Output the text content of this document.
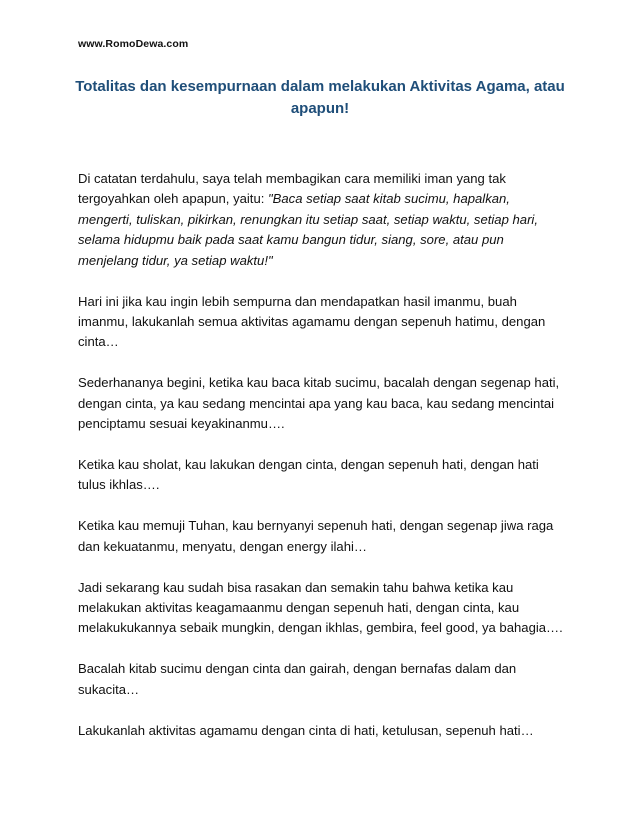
www.RomoDewa.com
Totalitas dan kesempurnaan dalam melakukan Aktivitas Agama, atau
apapun!

Di catatan terdahulu, saya telah membagikan cara memiliki iman yang tak
tergoyahkan oleh apapun, yaitu: "Baca setiap saat kitab sucimu, hapalkan,
mengerti, tuliskan, pikirkan, renungkan itu setiap saat, setiap waktu, setiap hari,
selama hidupmu baik pada saat kamu bangun tidur, siang, sore, atau pun
menjelang tidur, ya setiap waktu!"

Hari ini jika kau ingin lebih sempurna dan mendapatkan hasil imanmu, buah
imanmu, lakukanlah semua aktivitas agamamu dengan sepenuh hatimu, dengan
cinta…

Sederhananya begini, ketika kau baca kitab sucimu, bacalah dengan segenap hati,
dengan cinta, ya kau sedang mencintai apa yang kau baca, kau sedang mencintai
penciptamu sesuai keyakinanmu….

Ketika kau sholat, kau lakukan dengan cinta, dengan sepenuh hati, dengan hati
tulus ikhlas….

Ketika kau memuji Tuhan, kau bernyanyi sepenuh hati, dengan segenap jiwa raga
dan kekuatanmu, menyatu, dengan energy ilahi…

Jadi sekarang kau sudah bisa rasakan dan semakin tahu bahwa ketika kau
melakukan aktivitas keagamaanmu dengan sepenuh hati, dengan cinta, kau
melakukukannya sebaik mungkin, dengan ikhlas, gembira, feel good, ya bahagia….

Bacalah kitab sucimu dengan cinta dan gairah, dengan bernafas dalam dan
sukacita…

Lakukanlah aktivitas agamamu dengan cinta di hati, ketulusan, sepenuh hati…
